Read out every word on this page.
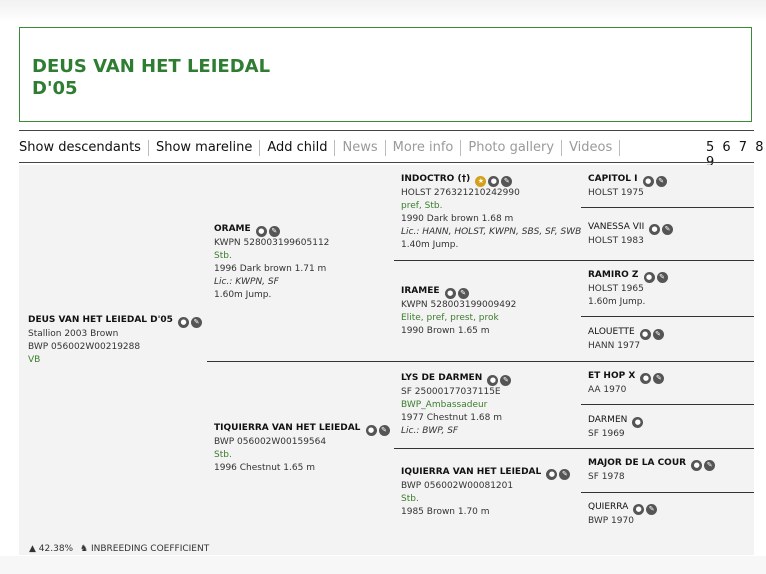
DEUS VAN HET LEIEDAL
D'05
Show descendants	Show mareline	Add child	News	More info	Photo gallery	Videos	5 6 7 8
DEUS VAN HET LEIEDAL D'05 ● ✎
Stallion 2003 Brown
BWP 056002W00219288
VB
ORAME ● ✎
KWPN 528003199605112
Stb.
1996 Dark brown 1.71 m
Lic.: KWPN, SF
1.60m Jump.
TIQUIERRA VAN HET LEIEDAL ● ✎
BWP 056002W00159564
Stb.
1996 Chestnut 1.65 m
INDOCTRO (†) ★ ● ✎
HOLST 276321210242990
pref, Stb.
1990 Dark brown 1.68 m
Lic.: HANN, HOLST, KWPN, SBS, SF, SWB
1.40m Jump.
IRAMEE ● ✎
KWPN 528003199009492
Elite, pref, prest, prok
1990 Brown 1.65 m
LYS DE DARMEN ● ✎
SF 25000177037115E
BWP_Ambassadeur
1977 Chestnut 1.68 m
Lic.: BWP, SF
IQUIERRA VAN HET LEIEDAL ● ✎
BWP 056002W00081201
Stb.
1985 Brown 1.70 m
CAPITOL I ● ✎
HOLST 1975
VANESSA VII ● ✎
HOLST 1983
RAMIRO Z ● ✎
HOLST 1965
1.60m Jump.
ALOUETTE ● ✎
HANN 1977
ET HOP X ● ✎
AA 1970
DARMEN ●
SF 1969
MAJOR DE LA COUR ● ✎
SF 1978
QUIERRA ● ✎
BWP 1970
▲ 42.38% ♞ INBREEDING COEFFICIENT
